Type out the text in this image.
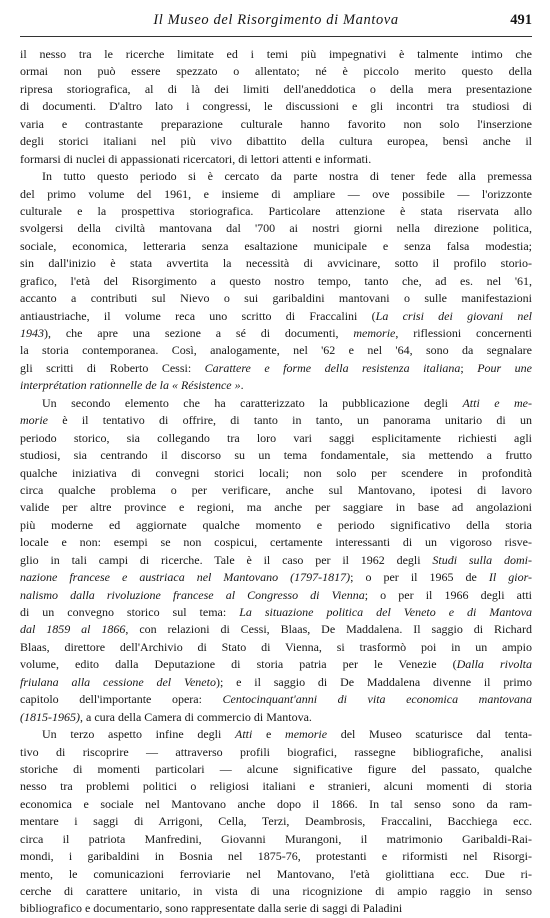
Il Museo del Risorgimento di Mantova	491
il nesso tra le ricerche limitate ed i temi più impegnativi è talmente intimo che
ormai non può essere spezzato o allentato; né è piccolo merito questo della
ripresa storiografica, al di là dei limiti dell'aneddotica o della mera presentazione
di documenti. D'altro lato i congressi, le discussioni e gli incontri tra studiosi di
varia e contrastante preparazione culturale hanno favorito non solo l'inserzione
degli storici italiani nel più vivo dibattito della cultura europea, bensì anche il
formarsi di nuclei di appassionati ricercatori, di lettori attenti e informati.
In tutto questo periodo si è cercato da parte nostra di tener fede alla premessa
del primo volume del 1961, e insieme di ampliare — ove possibile — l'orizzonte
culturale e la prospettiva storiografica. Particolare attenzione è stata riservata allo
svolgersi della civiltà mantovana dal '700 ai nostri giorni nella direzione politica,
sociale, economica, letteraria senza esaltazione municipale e senza falsa modestia;
sin dall'inizio è stata avvertita la necessità di avvicinare, sotto il profilo storio-
grafico, l'età del Risorgimento a questo nostro tempo, tanto che, ad es. nel '61,
accanto a contributi sul Nievo o sui garibaldini mantovani o sulle manifestazioni
antiaustriache, il volume reca uno scritto di Fraccalini (La crisi dei giovani nel
1943), che apre una sezione a sé di documenti, memorie, riflessioni concernenti
la storia contemporanea. Così, analogamente, nel '62 e nel '64, sono da segnalare
gli scritti di Roberto Cessi: Carattere e forme della resistenza italiana; Pour une
interprétation rationnelle de la « Résistence ».
Un secondo elemento che ha caratterizzato la pubblicazione degli Atti e me-
morie è il tentativo di offrire, di tanto in tanto, un panorama unitario di un
periodo storico, sia collegando tra loro vari saggi esplicitamente richiesti agli
studiosi, sia centrando il discorso su un tema fondamentale, sia mettendo a frutto
qualche iniziativa di convegni storici locali; non solo per scendere in profondità
circa qualche problema o per verificare, anche sul Mantovano, ipotesi di lavoro
valide per altre province e regioni, ma anche per saggiare in base ad angolazioni
più moderne ed aggiornate qualche momento e periodo significativo della storia
locale e non: esempi se non cospicui, certamente interessanti di un vigoroso risve-
glio in tali campi di ricerche. Tale è il caso per il 1962 degli Studi sulla domi-
nazione francese e austriaca nel Mantovano (1797-1817); o per il 1965 de Il gior-
nalismo dalla rivoluzione francese al Congresso di Vienna; o per il 1966 degli atti
di un convegno storico sul tema: La situazione politica del Veneto e di Mantova
dal 1859 al 1866, con relazioni di Cessi, Blaas, De Maddalena. Il saggio di Richard
Blaas, direttore dell'Archivio di Stato di Vienna, si trasformò poi in un ampio
volume, edito dalla Deputazione di storia patria per le Venezie (Dalla rivolta
friulana alla cessione del Veneto); e il saggio di De Maddalena divenne il primo
capitolo dell'importante opera: Centocinquant'anni di vita economica mantovana
(1815-1965), a cura della Camera di commercio di Mantova.
Un terzo aspetto infine degli Atti e memorie del Museo scaturisce dal tenta-
tivo di riscoprire — attraverso profili biografici, rassegne bibliografiche, analisi
storiche di momenti particolari — alcune significative figure del passato, qualche
nesso tra problemi politici o religiosi italiani e stranieri, alcuni momenti di storia
economica e sociale nel Mantovano anche dopo il 1866. In tal senso sono da ram-
mentare i saggi di Arrigoni, Cella, Terzi, Deambrosis, Fraccalini, Bacchiega ecc.
circa il patriota Manfredini, Giovanni Murangoni, il matrimonio Garibaldi-Rai-
mondi, i garibaldini in Bosnia nel 1875-76, protestanti e riformisti nel Risorgi-
mento, le comunicazioni ferroviarie nel Mantovano, l'età giolittiana ecc. Due ri-
cerche di carattere unitario, in vista di una ricognizione di ampio raggio in senso
bibliografico e documentario, sono rappresentate dalla serie di saggi di Paladini
